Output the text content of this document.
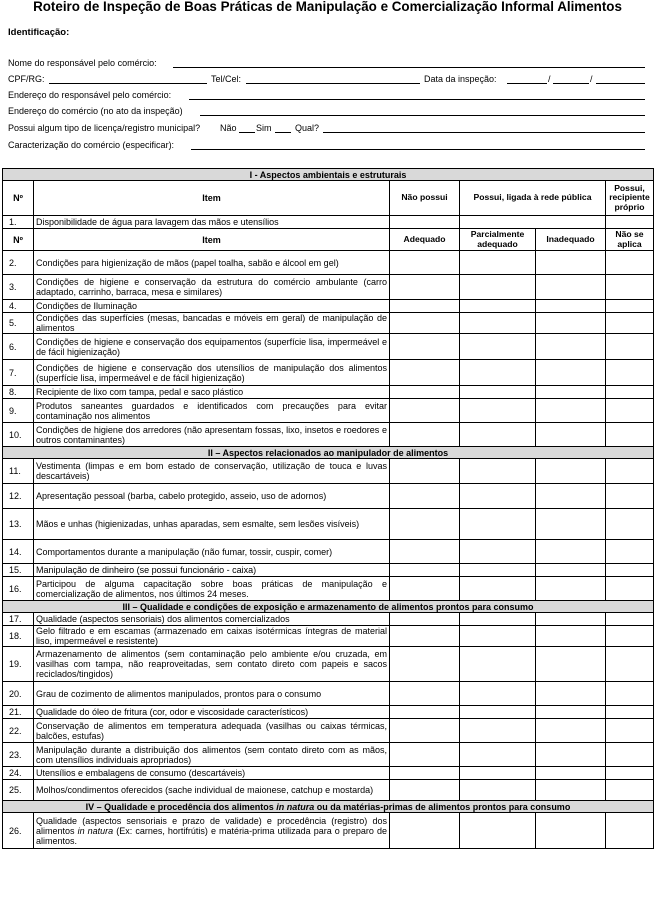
Roteiro de Inspeção de Boas Práticas de Manipulação e Comercialização Informal Alimentos
Identificação:
Nome do responsável pelo comércio:
CPF/RG:	Tel/Cel:	Data da inspeção:	/	/
Endereço do responsável pelo comércio:
Endereço do comércio (no ato da inspeção)
Possui algum tipo de licença/registro municipal? Não Sim	Qual?
Caracterização do comércio (especificar):
I - Aspectos ambientais e estruturais					
Nº	Item	Não possui	Possui, ligada à rede pública		Possui, recipiente próprio
1.	Disponibilidade de água para lavagem das mãos e utensílios				
Nº	Item	Adequado	Parcialmente adequado	Inadequado	Não se aplica
2.	Condições para higienização de mãos (papel toalha, sabão e álcool em gel)				
3.	Condições de higiene e conservação da estrutura do comércio ambulante (carro adaptado, carrinho, barraca, mesa e similares)				
4.	Condições de Iluminação				
5.	Condições das superfícies (mesas, bancadas e móveis em geral) de manipulação de alimentos				
6.	Condições de higiene e conservação dos equipamentos (superfície lisa, impermeável e de fácil higienização)				
7.	Condições de higiene e conservação dos utensílios de manipulação dos alimentos (superfície lisa, impermeável e de fácil higienização)				
8.	Recipiente de lixo com tampa, pedal e saco plástico				
9.	Produtos saneantes guardados e identificados com precauções para evitar contaminação nos alimentos				
10.	Condições de higiene dos arredores (não apresentam fossas, lixo, insetos e roedores e outros contaminantes)				
II – Aspectos relacionados ao manipulador de alimentos					
11.	Vestimenta (limpas e em bom estado de conservação, utilização de touca e luvas descartáveis)				
12.	Apresentação pessoal (barba, cabelo protegido, asseio, uso de adornos)				
13.	Mãos e unhas (higienizadas, unhas aparadas, sem esmalte, sem lesões visíveis)				
14.	Comportamentos durante a manipulação (não fumar, tossir, cuspir, comer)				
15.	Manipulação de dinheiro (se possui funcionário - caixa)				
16.	Participou de alguma capacitação sobre boas práticas de manipulação e comercialização de alimentos, nos últimos 24 meses.				
III – Qualidade e condições de exposição e armazenamento de alimentos prontos para consumo					
17.	Qualidade (aspectos sensoriais) dos alimentos comercializados				
18.	Gelo filtrado e em escamas (armazenado em caixas isotérmicas íntegras de material liso, impermeável e resistente)				
19.	Armazenamento de alimentos (sem contaminação pelo ambiente e/ou cruzada, em vasilhas com tampa, não reaproveitadas, sem contato direto com papeis e sacos reciclados/tingidos)				
20.	Grau de cozimento de alimentos manipulados, prontos para o consumo				
21.	Qualidade do óleo de fritura (cor, odor e viscosidade característicos)				
22.	Conservação de alimentos em temperatura adequada (vasilhas ou caixas térmicas, balcões, estufas)				
23.	Manipulação durante a distribuição dos alimentos (sem contato direto com as mãos, com utensílios individuais apropriados)				
24.	Utensílios e embalagens de consumo (descartáveis)				
25.	Molhos/condimentos oferecidos (sache individual de maionese, catchup e mostarda)				
IV – Qualidade e procedência dos alimentos in natura ou da matérias-primas de alimentos prontos para consumo					
26.	Qualidade (aspectos sensoriais e prazo de validade) e procedência (registro) dos alimentos in natura (Ex: carnes, hortifrútis) e matéria-prima utilizada para o preparo de alimentos.				
